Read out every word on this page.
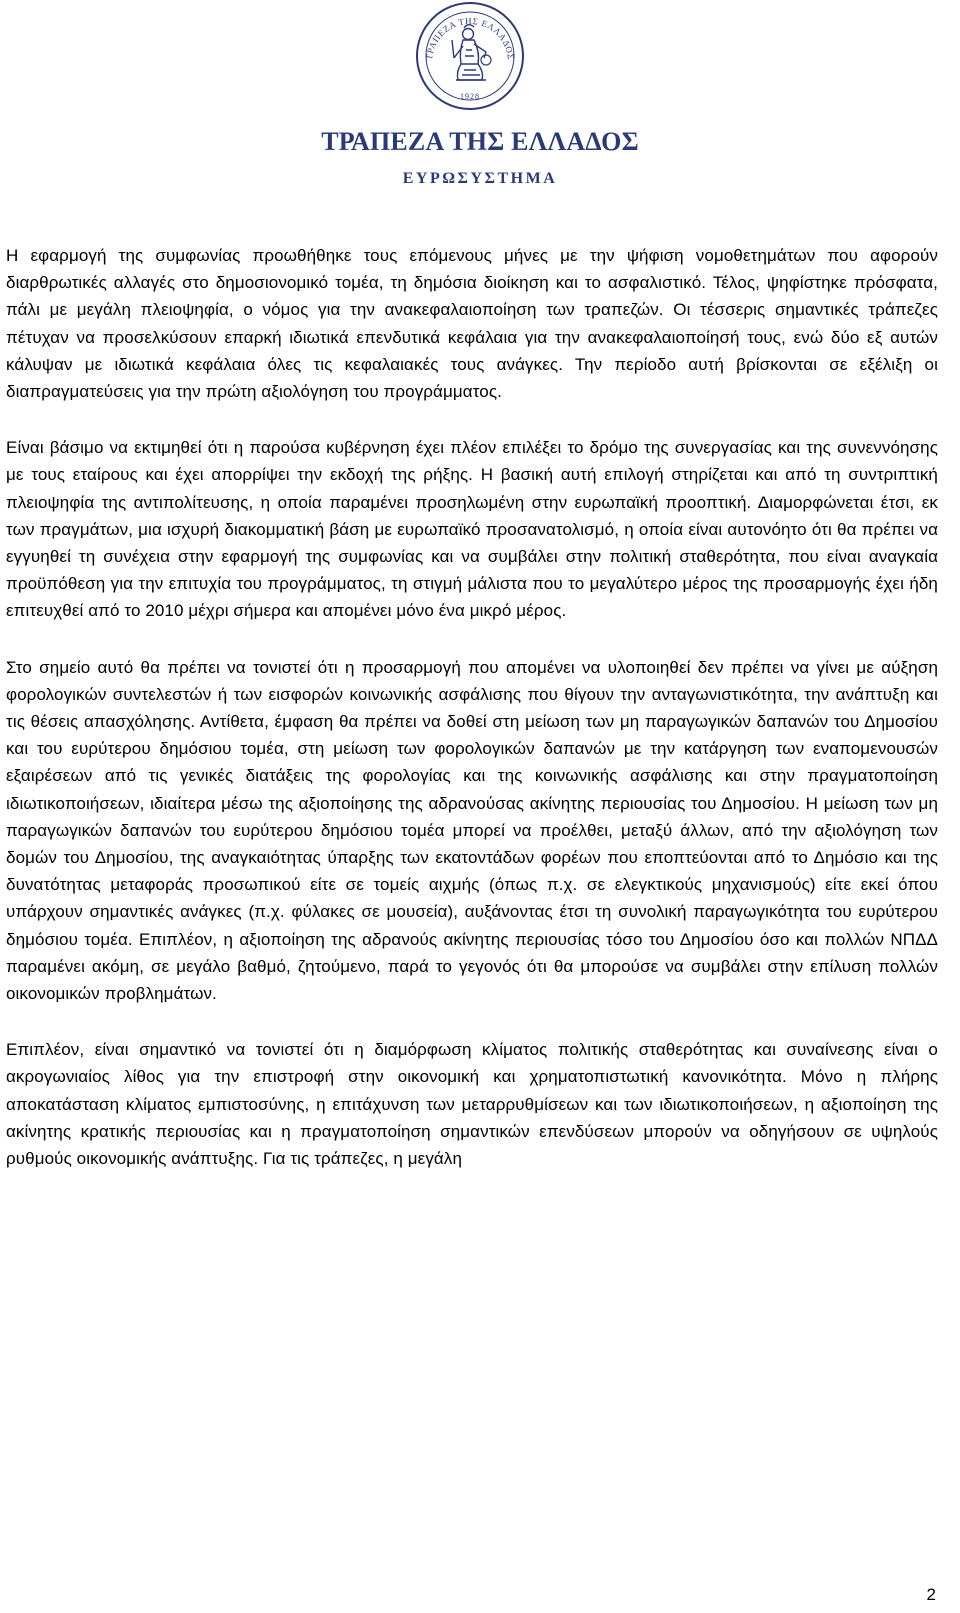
ΤΡΑΠΕΖΑ ΤΗΣ ΕΛΛΑΔΟΣ
1928
ΤΡΑΠΕΖΑ ΤΗΣ ΕΛΛΑΔΟΣ
ΕΥΡΩΣΥΣΤΗΜΑ

Η εφαρμογή της συμφωνίας προωθήθηκε τους επόμενους μήνες με την ψήφιση νομοθετημάτων που αφορούν διαρθρωτικές αλλαγές στο δημοσιονομικό τομέα, τη δημόσια διοίκηση και το ασφαλιστικό. Τέλος, ψηφίστηκε πρόσφατα, πάλι με μεγάλη πλειοψηφία, ο νόμος για την ανακεφαλαιοποίηση των τραπεζών. Οι τέσσερις σημαντικές τράπεζες πέτυχαν να προσελκύσουν επαρκή ιδιωτικά επενδυτικά κεφάλαια για την ανακεφαλαιοποίησή τους, ενώ δύο εξ αυτών κάλυψαν με ιδιωτικά κεφάλαια όλες τις κεφαλαιακές τους ανάγκες. Την περίοδο αυτή βρίσκονται σε εξέλιξη οι διαπραγματεύσεις για την πρώτη αξιολόγηση του προγράμματος.

Είναι βάσιμο να εκτιμηθεί ότι η παρούσα κυβέρνηση έχει πλέον επιλέξει το δρόμο της συνεργασίας και της συνεννόησης με τους εταίρους και έχει απορρίψει την εκδοχή της ρήξης. Η βασική αυτή επιλογή στηρίζεται και από τη συντριπτική πλειοψηφία της αντιπολίτευσης, η οποία παραμένει προσηλωμένη στην ευρωπαϊκή προοπτική. Διαμορφώνεται έτσι, εκ των πραγμάτων, μια ισχυρή διακομματική βάση με ευρωπαϊκό προσανατολισμό, η οποία είναι αυτονόητο ότι θα πρέπει να εγγυηθεί τη συνέχεια στην εφαρμογή της συμφωνίας και να συμβάλει στην πολιτική σταθερότητα, που είναι αναγκαία προϋπόθεση για την επιτυχία του προγράμματος, τη στιγμή μάλιστα που το μεγαλύτερο μέρος της προσαρμογής έχει ήδη επιτευχθεί από το 2010 μέχρι σήμερα και απομένει μόνο ένα μικρό μέρος.

Στο σημείο αυτό θα πρέπει να τονιστεί ότι η προσαρμογή που απομένει να υλοποιηθεί δεν πρέπει να γίνει με αύξηση φορολογικών συντελεστών ή των εισφορών κοινωνικής ασφάλισης που θίγουν την ανταγωνιστικότητα, την ανάπτυξη και τις θέσεις απασχόλησης. Αντίθετα, έμφαση θα πρέπει να δοθεί στη μείωση των μη παραγωγικών δαπανών του Δημοσίου και του ευρύτερου δημόσιου τομέα, στη μείωση των φορολογικών δαπανών με την κατάργηση των εναπομενουσών εξαιρέσεων από τις γενικές διατάξεις της φορολογίας και της κοινωνικής ασφάλισης και στην πραγματοποίηση ιδιωτικοποιήσεων, ιδιαίτερα μέσω της αξιοποίησης της αδρανούσας ακίνητης περιουσίας του Δημοσίου. Η μείωση των μη παραγωγικών δαπανών του ευρύτερου δημόσιου τομέα μπορεί να προέλθει, μεταξύ άλλων, από την αξιολόγηση των δομών του Δημοσίου, της αναγκαιότητας ύπαρξης των εκατοντάδων φορέων που εποπτεύονται από το Δημόσιο και της δυνατότητας μεταφοράς προσωπικού είτε σε τομείς αιχμής (όπως π.χ. σε ελεγκτικούς μηχανισμούς) είτε εκεί όπου υπάρχουν σημαντικές ανάγκες (π.χ. φύλακες σε μουσεία), αυξάνοντας έτσι τη συνολική παραγωγικότητα του ευρύτερου δημόσιου τομέα. Επιπλέον, η αξιοποίηση της αδρανούς ακίνητης περιουσίας τόσο του Δημοσίου όσο και πολλών ΝΠΔΔ παραμένει ακόμη, σε μεγάλο βαθμό, ζητούμενο, παρά το γεγονός ότι θα μπορούσε να συμβάλει στην επίλυση πολλών οικονομικών προβλημάτων.

Επιπλέον, είναι σημαντικό να τονιστεί ότι η διαμόρφωση κλίματος πολιτικής σταθερότητας και συναίνεσης είναι ο ακρογωνιαίος λίθος για την επιστροφή στην οικονομική και χρηματοπιστωτική κανονικότητα. Μόνο η πλήρης αποκατάσταση κλίματος εμπιστοσύνης, η επιτάχυνση των μεταρρυθμίσεων και των ιδιωτικοποιήσεων, η αξιοποίηση της ακίνητης κρατικής περιουσίας και η πραγματοποίηση σημαντικών επενδύσεων μπορούν να οδηγήσουν σε υψηλούς ρυθμούς οικονομικής ανάπτυξης. Για τις τράπεζες, η μεγάλη

2
